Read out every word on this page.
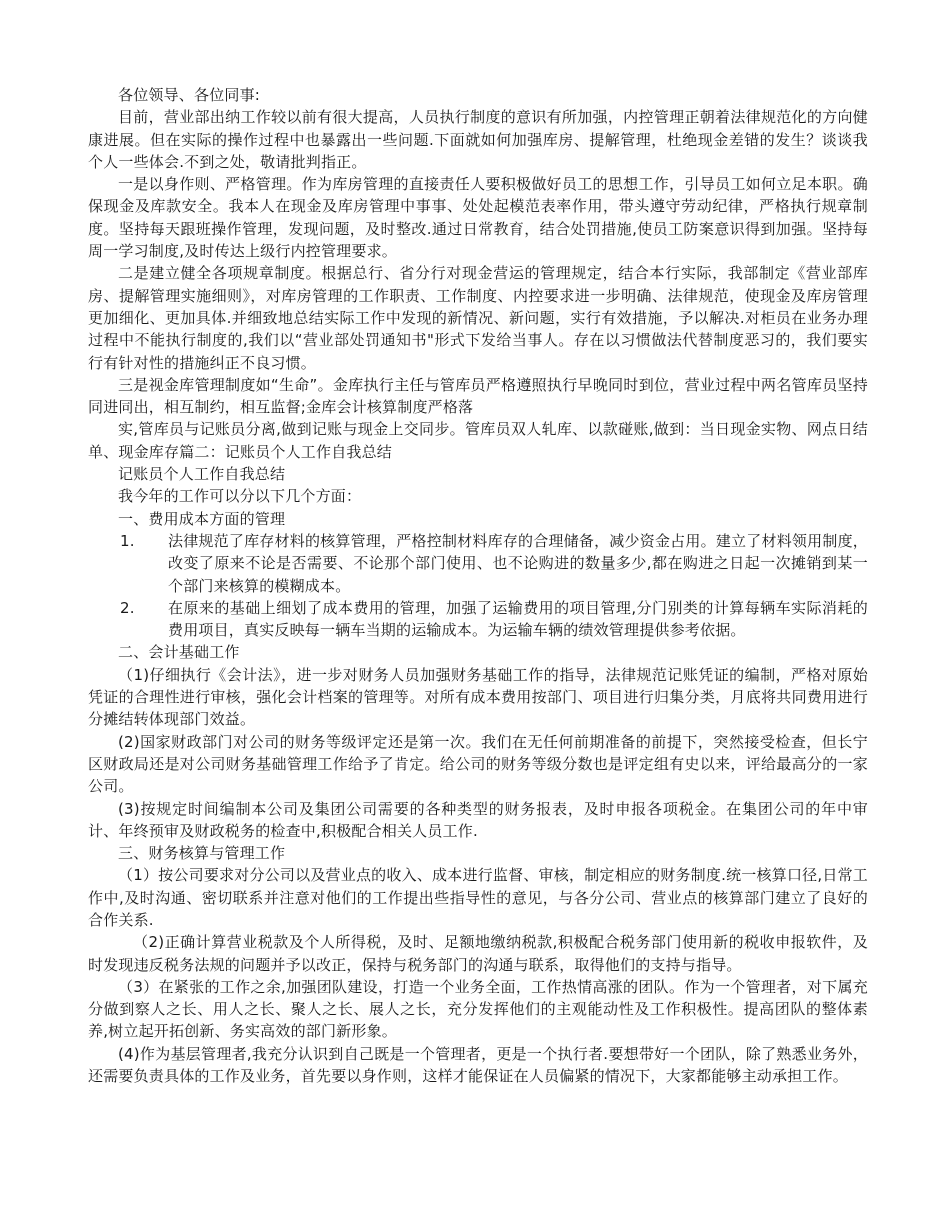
各位领导、各位同事:

目前，营业部出纳工作较以前有很大提高，人员执行制度的意识有所加强，内控管理正朝着法律规范化的方向健康进展。但在实际的操作过程中也暴露出一些问题.下面就如何加强库房、提解管理，杜绝现金差错的发生？谈谈我个人一些体会.不到之处，敬请批判指正。

一是以身作则、严格管理。作为库房管理的直接责任人要积极做好员工的思想工作，引导员工如何立足本职。确保现金及库款安全。我本人在现金及库房管理中事事、处处起模范表率作用，带头遵守劳动纪律，严格执行规章制度。坚持每天跟班操作管理，发现问题，及时整改.通过日常教育，结合处罚措施,使员工防案意识得到加强。坚持每周一学习制度,及时传达上级行内控管理要求。

二是建立健全各项规章制度。根据总行、省分行对现金营运的管理规定，结合本行实际，我部制定《营业部库房、提解管理实施细则》，对库房管理的工作职责、工作制度、内控要求进一步明确、法律规范，使现金及库房管理更加细化、更加具体.并细致地总结实际工作中发现的新情况、新问题，实行有效措施，予以解决.对柜员在业务办理过程中不能执行制度的,我们以“营业部处罚通知书"形式下发给当事人。存在以习惯做法代替制度恶习的，我们要实行有针对性的措施纠正不良习惯。

三是视金库管理制度如“生命”。金库执行主任与管库员严格遵照执行早晚同时到位，营业过程中两名管库员坚持同进同出，相互制约，相互监督;金库会计核算制度严格落

实,管库员与记账员分离,做到记账与现金上交同步。管库员双人轧库、以款碰账,做到：当日现金实物、网点日结单、现金库存篇二：记账员个人工作自我总结

记账员个人工作自我总结

我今年的工作可以分以下几个方面：

一、费用成本方面的管理

1.	法律规范了库存材料的核算管理，严格控制材料库存的合理储备，减少资金占用。建立了材料领用制度，改变了原来不论是否需要、不论那个部门使用、也不论购进的数量多少,都在购进之日起一次摊销到某一个部门来核算的模糊成本。
2.	在原来的基础上细划了成本费用的管理，加强了运输费用的项目管理,分门别类的计算每辆车实际消耗的费用项目，真实反映每一辆车当期的运输成本。为运输车辆的绩效管理提供参考依据。

二、会计基础工作

（1)仔细执行《会计法》，进一步对财务人员加强财务基础工作的指导，法律规范记账凭证的编制，严格对原始凭证的合理性进行审核，强化会计档案的管理等。对所有成本费用按部门、项目进行归集分类，月底将共同费用进行分摊结转体现部门效益。

(2)国家财政部门对公司的财务等级评定还是第一次。我们在无任何前期准备的前提下，突然接受检查，但长宁区财政局还是对公司财务基础管理工作给予了肯定。给公司的财务等级分数也是评定组有史以来，评给最高分的一家公司。

(3)按规定时间编制本公司及集团公司需要的各种类型的财务报表，及时申报各项税金。在集团公司的年中审计、年终预审及财政税务的检查中,积极配合相关人员工作.

三、财务核算与管理工作

（1）按公司要求对分公司以及营业点的收入、成本进行监督、审核，制定相应的财务制度.统一核算口径,日常工作中,及时沟通、密切联系并注意对他们的工作提出些指导性的意见，与各分公司、营业点的核算部门建立了良好的合作关系.

（2)正确计算营业税款及个人所得税，及时、足额地缴纳税款,积极配合税务部门使用新的税收申报软件，及时发现违反税务法规的问题并予以改正，保持与税务部门的沟通与联系，取得他们的支持与指导。

（3）在紧张的工作之余,加强团队建设，打造一个业务全面，工作热情高涨的团队。作为一个管理者，对下属充分做到察人之长、用人之长、聚人之长、展人之长，充分发挥他们的主观能动性及工作积极性。提高团队的整体素养,树立起开拓创新、务实高效的部门新形象。

(4)作为基层管理者,我充分认识到自己既是一个管理者，更是一个执行者.要想带好一个团队，除了熟悉业务外，还需要负责具体的工作及业务，首先要以身作则，这样才能保证在人员偏紧的情况下，大家都能够主动承担工作。
